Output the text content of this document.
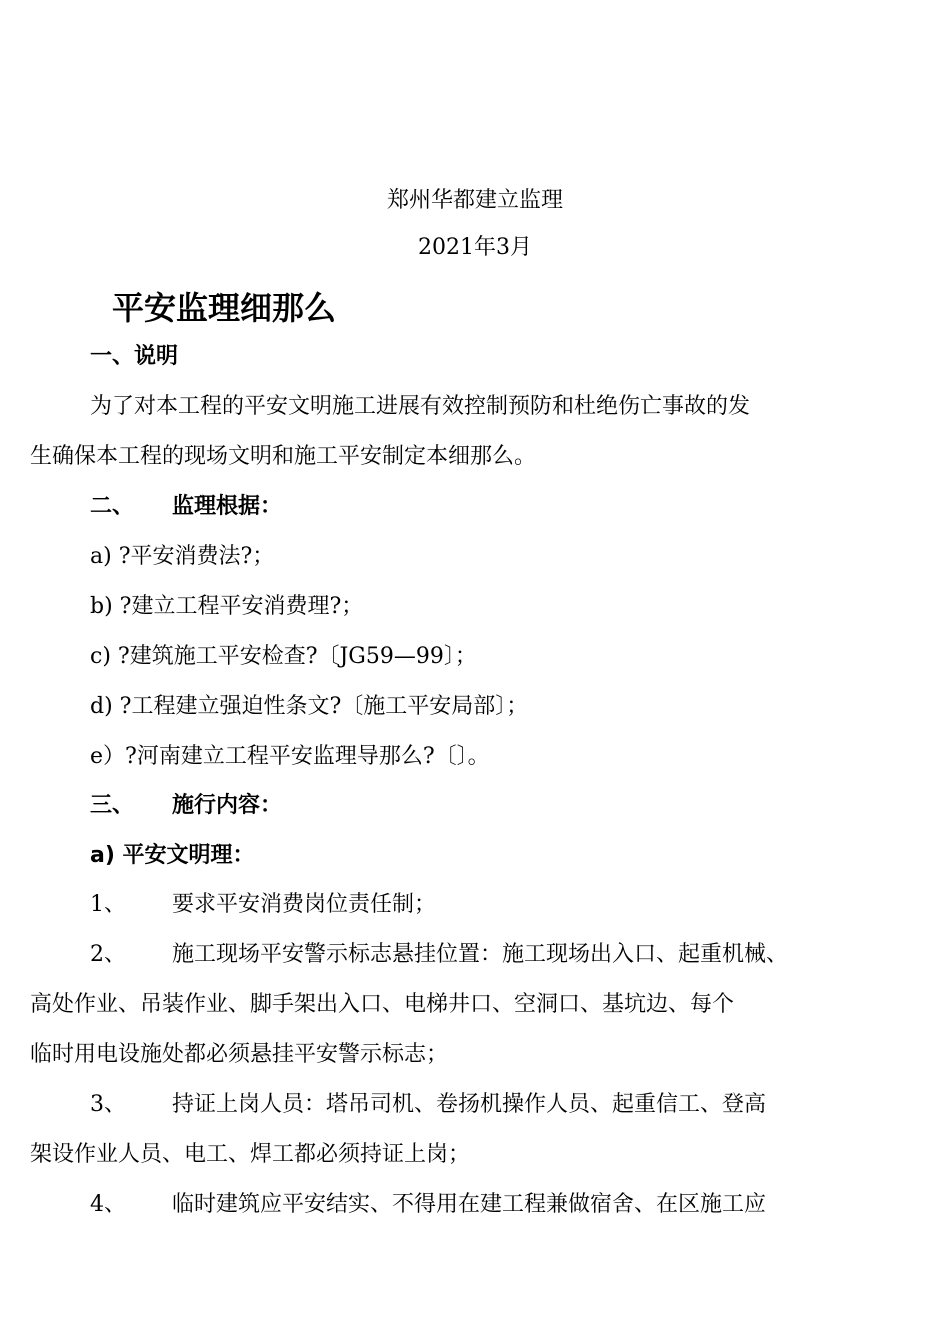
郑州华都建立监理
2021年3月
平安监理细那么
一、说明
为了对本工程的平安文明施工进展有效控制预防和杜绝伤亡事故的发
生确保本工程的现场文明和施工平安制定本细那么。
二、 监理根据：
a) ?平安消费法?；
b) ?建立工程平安消费理?；
c) ?建筑施工平安检查?〔JG59—99〕；
d) ?工程建立强迫性条文?〔施工平安局部〕；
e）?河南建立工程平安监理导那么?〔〕。
三、 施行内容：
a) 平安文明理：
1、 要求平安消费岗位责任制；
2、 施工现场平安警示标志悬挂位置：施工现场出入口、起重机械、
高处作业、吊装作业、脚手架出入口、电梯井口、空洞口、基坑边、每个
临时用电设施处都必须悬挂平安警示标志；
3、 持证上岗人员：塔吊司机、卷扬机操作人员、起重信工、登高
架设作业人员、电工、焊工都必须持证上岗；
4、 临时建筑应平安结实、不得用在建工程兼做宿舍、在区施工应
